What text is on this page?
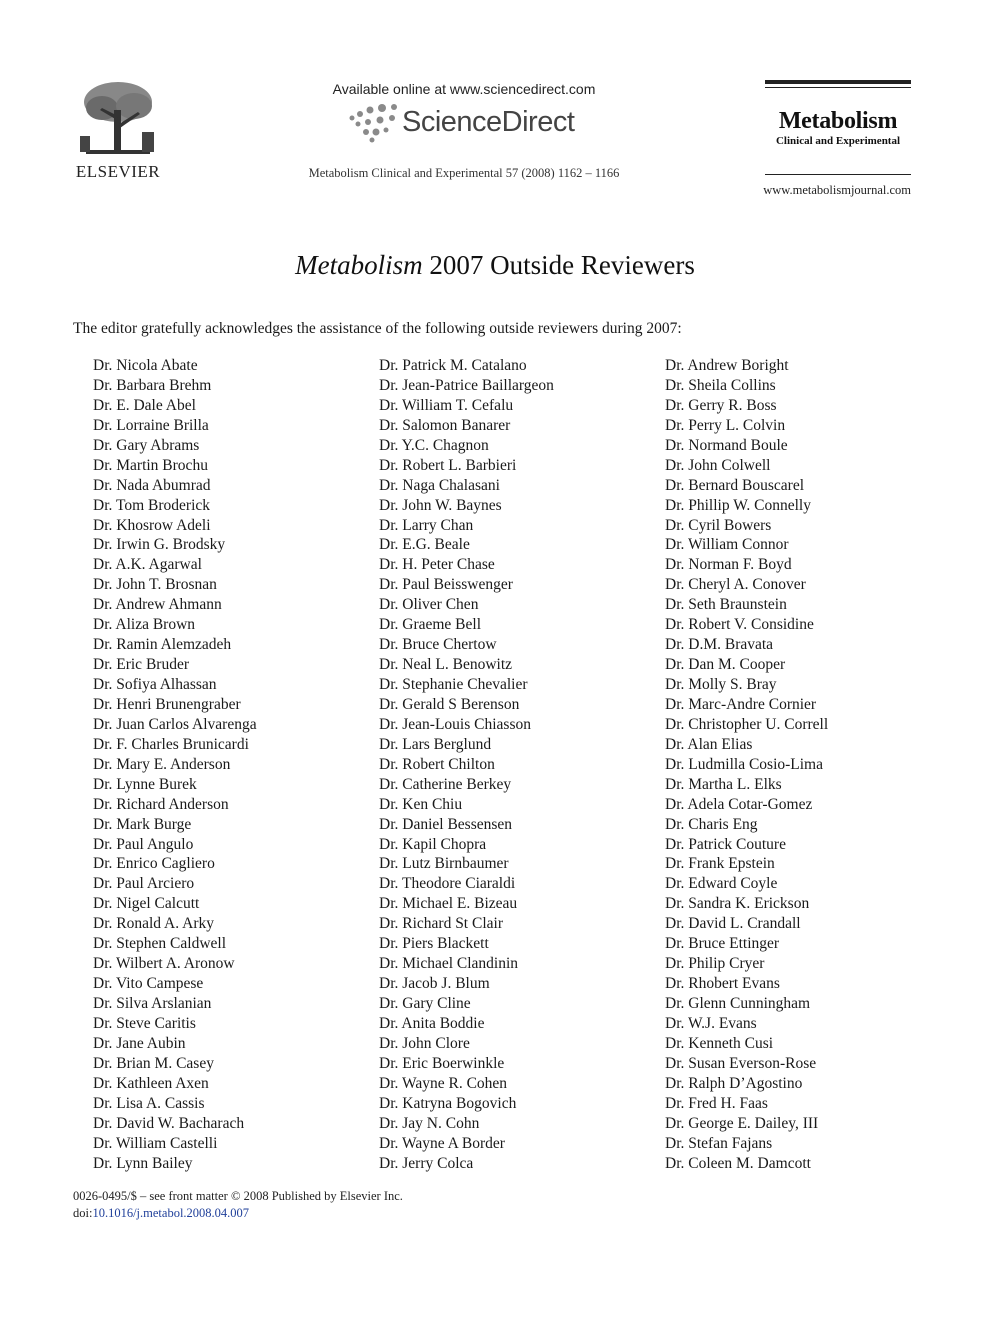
ELSEVIER
Available online at www.sciencedirect.com
ScienceDirect
Metabolism Clinical and Experimental 57 (2008) 1162 – 1166
Metabolism
Clinical and Experimental
www.metabolismjournal.com
Metabolism 2007 Outside Reviewers
The editor gratefully acknowledges the assistance of the following outside reviewers during 2007:
Dr. Nicola Abate
Dr. Barbara Brehm
Dr. E. Dale Abel
Dr. Lorraine Brilla
Dr. Gary Abrams
Dr. Martin Brochu
Dr. Nada Abumrad
Dr. Tom Broderick
Dr. Khosrow Adeli
Dr. Irwin G. Brodsky
Dr. A.K. Agarwal
Dr. John T. Brosnan
Dr. Andrew Ahmann
Dr. Aliza Brown
Dr. Ramin Alemzadeh
Dr. Eric Bruder
Dr. Sofiya Alhassan
Dr. Henri Brunengraber
Dr. Juan Carlos Alvarenga
Dr. F. Charles Brunicardi
Dr. Mary E. Anderson
Dr. Lynne Burek
Dr. Richard Anderson
Dr. Mark Burge
Dr. Paul Angulo
Dr. Enrico Cagliero
Dr. Paul Arciero
Dr. Nigel Calcutt
Dr. Ronald A. Arky
Dr. Stephen Caldwell
Dr. Wilbert A. Aronow
Dr. Vito Campese
Dr. Silva Arslanian
Dr. Steve Caritis
Dr. Jane Aubin
Dr. Brian M. Casey
Dr. Kathleen Axen
Dr. Lisa A. Cassis
Dr. David W. Bacharach
Dr. William Castelli
Dr. Lynn Bailey
Dr. Patrick M. Catalano
Dr. Jean-Patrice Baillargeon
Dr. William T. Cefalu
Dr. Salomon Banarer
Dr. Y.C. Chagnon
Dr. Robert L. Barbieri
Dr. Naga Chalasani
Dr. John W. Baynes
Dr. Larry Chan
Dr. E.G. Beale
Dr. H. Peter Chase
Dr. Paul Beisswenger
Dr. Oliver Chen
Dr. Graeme Bell
Dr. Bruce Chertow
Dr. Neal L. Benowitz
Dr. Stephanie Chevalier
Dr. Gerald S Berenson
Dr. Jean-Louis Chiasson
Dr. Lars Berglund
Dr. Robert Chilton
Dr. Catherine Berkey
Dr. Ken Chiu
Dr. Daniel Bessensen
Dr. Kapil Chopra
Dr. Lutz Birnbaumer
Dr. Theodore Ciaraldi
Dr. Michael E. Bizeau
Dr. Richard St Clair
Dr. Piers Blackett
Dr. Michael Clandinin
Dr. Jacob J. Blum
Dr. Gary Cline
Dr. Anita Boddie
Dr. John Clore
Dr. Eric Boerwinkle
Dr. Wayne R. Cohen
Dr. Katryna Bogovich
Dr. Jay N. Cohn
Dr. Wayne A Border
Dr. Jerry Colca
Dr. Andrew Boright
Dr. Sheila Collins
Dr. Gerry R. Boss
Dr. Perry L. Colvin
Dr. Normand Boule
Dr. John Colwell
Dr. Bernard Bouscarel
Dr. Phillip W. Connelly
Dr. Cyril Bowers
Dr. William Connor
Dr. Norman F. Boyd
Dr. Cheryl A. Conover
Dr. Seth Braunstein
Dr. Robert V. Considine
Dr. D.M. Bravata
Dr. Dan M. Cooper
Dr. Molly S. Bray
Dr. Marc-Andre Cornier
Dr. Christopher U. Correll
Dr. Alan Elias
Dr. Ludmilla Cosio-Lima
Dr. Martha L. Elks
Dr. Adela Cotar-Gomez
Dr. Charis Eng
Dr. Patrick Couture
Dr. Frank Epstein
Dr. Edward Coyle
Dr. Sandra K. Erickson
Dr. David L. Crandall
Dr. Bruce Ettinger
Dr. Philip Cryer
Dr. Rhobert Evans
Dr. Glenn Cunningham
Dr. W.J. Evans
Dr. Kenneth Cusi
Dr. Susan Everson-Rose
Dr. Ralph D’Agostino
Dr. Fred H. Faas
Dr. George E. Dailey, III
Dr. Stefan Fajans
Dr. Coleen M. Damcott
0026-0495/$ – see front matter © 2008 Published by Elsevier Inc.
doi:10.1016/j.metabol.2008.04.007
